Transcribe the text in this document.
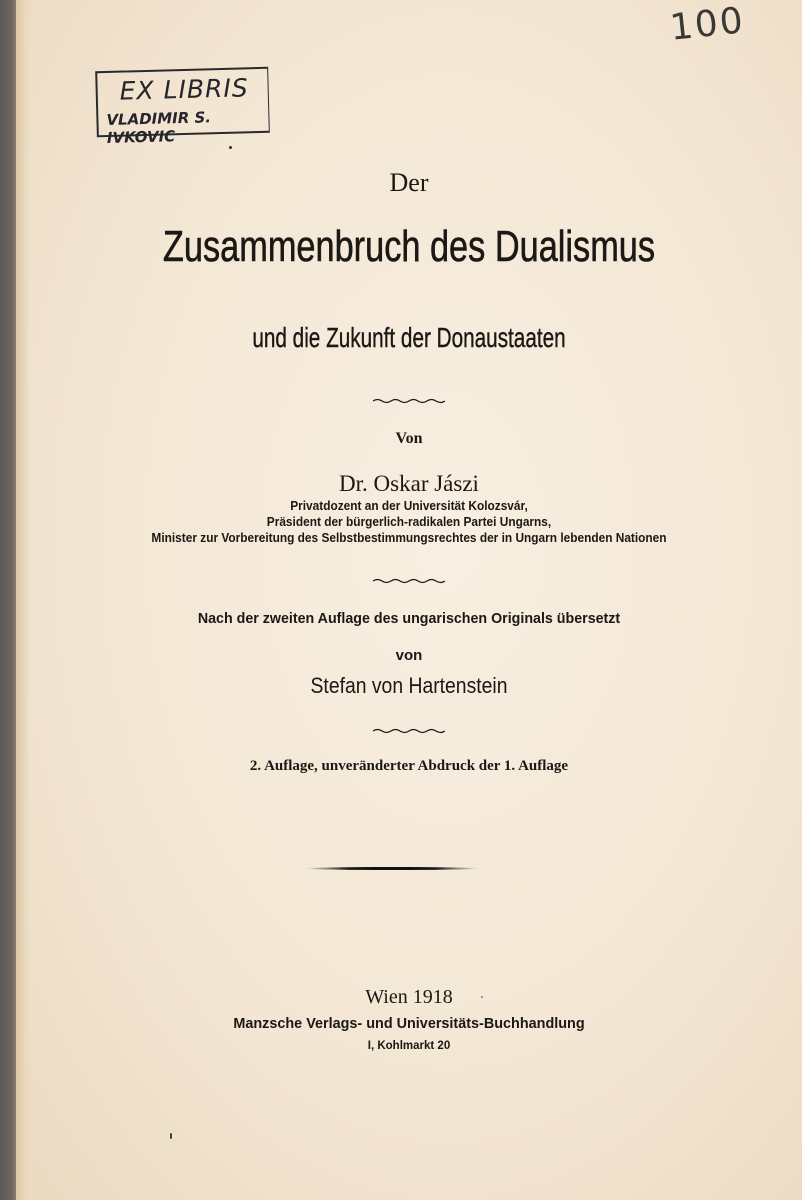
100
EX LIBRIS
VLADIMIR S. IVKOVIC
Der
Zusammenbruch des Dualismus
und die Zukunft der Donaustaaten
Von
Dr. Oskar Jászi
Privatdozent an der Universität Kolozsvár,
Präsident der bürgerlich-radikalen Partei Ungarns,
Minister zur Vorbereitung des Selbstbestimmungsrechtes der in Ungarn lebenden Nationen
Nach der zweiten Auflage des ungarischen Originals übersetzt
von
Stefan von Hartenstein
2. Auflage, unveränderter Abdruck der 1. Auflage
Wien 1918
Manzsche Verlags- und Universitäts-Buchhandlung
I, Kohlmarkt 20
